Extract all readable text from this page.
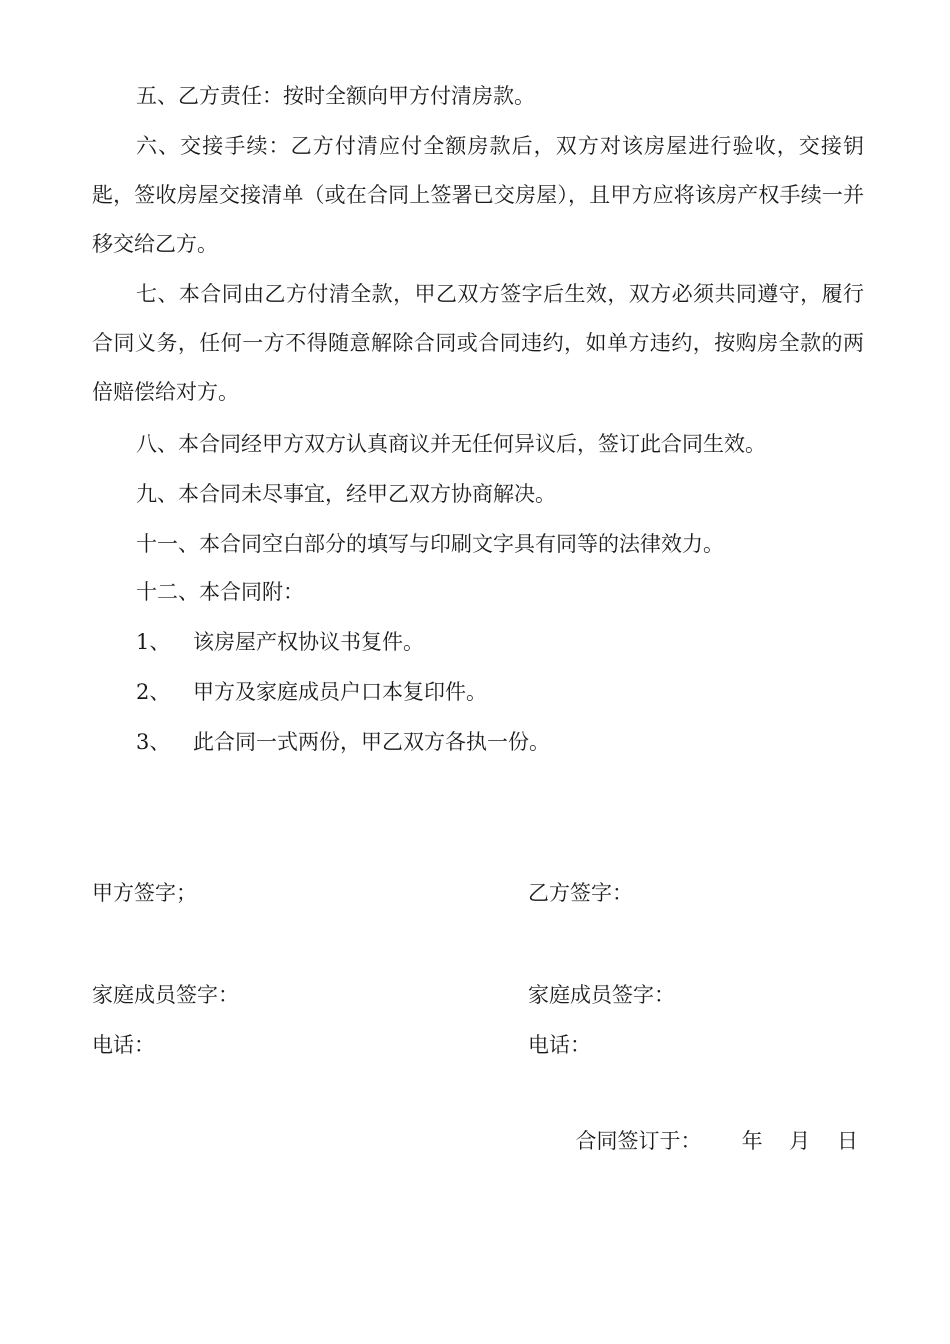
五、乙方责任：按时全额向甲方付清房款。

六、交接手续：乙方付清应付全额房款后，双方对该房屋进行验收，交接钥匙，签收房屋交接清单（或在合同上签署已交房屋），且甲方应将该房产权手续一并移交给乙方。

七、本合同由乙方付清全款，甲乙双方签字后生效，双方必须共同遵守，履行合同义务，任何一方不得随意解除合同或合同违约，如单方违约，按购房全款的两倍赔偿给对方。

八、本合同经甲方双方认真商议并无任何异议后，签订此合同生效。

九、本合同未尽事宜，经甲乙双方协商解决。

十一、本合同空白部分的填写与印刷文字具有同等的法律效力。

十二、本合同附：

1、 该房屋产权协议书复件。

2、 甲方及家庭成员户口本复印件。

3、 此合同一式两份，甲乙双方各执一份。

甲方签字；	乙方签字：

家庭成员签字：	家庭成员签字：

电话：	电话：

合同签订于：      年    月    日
